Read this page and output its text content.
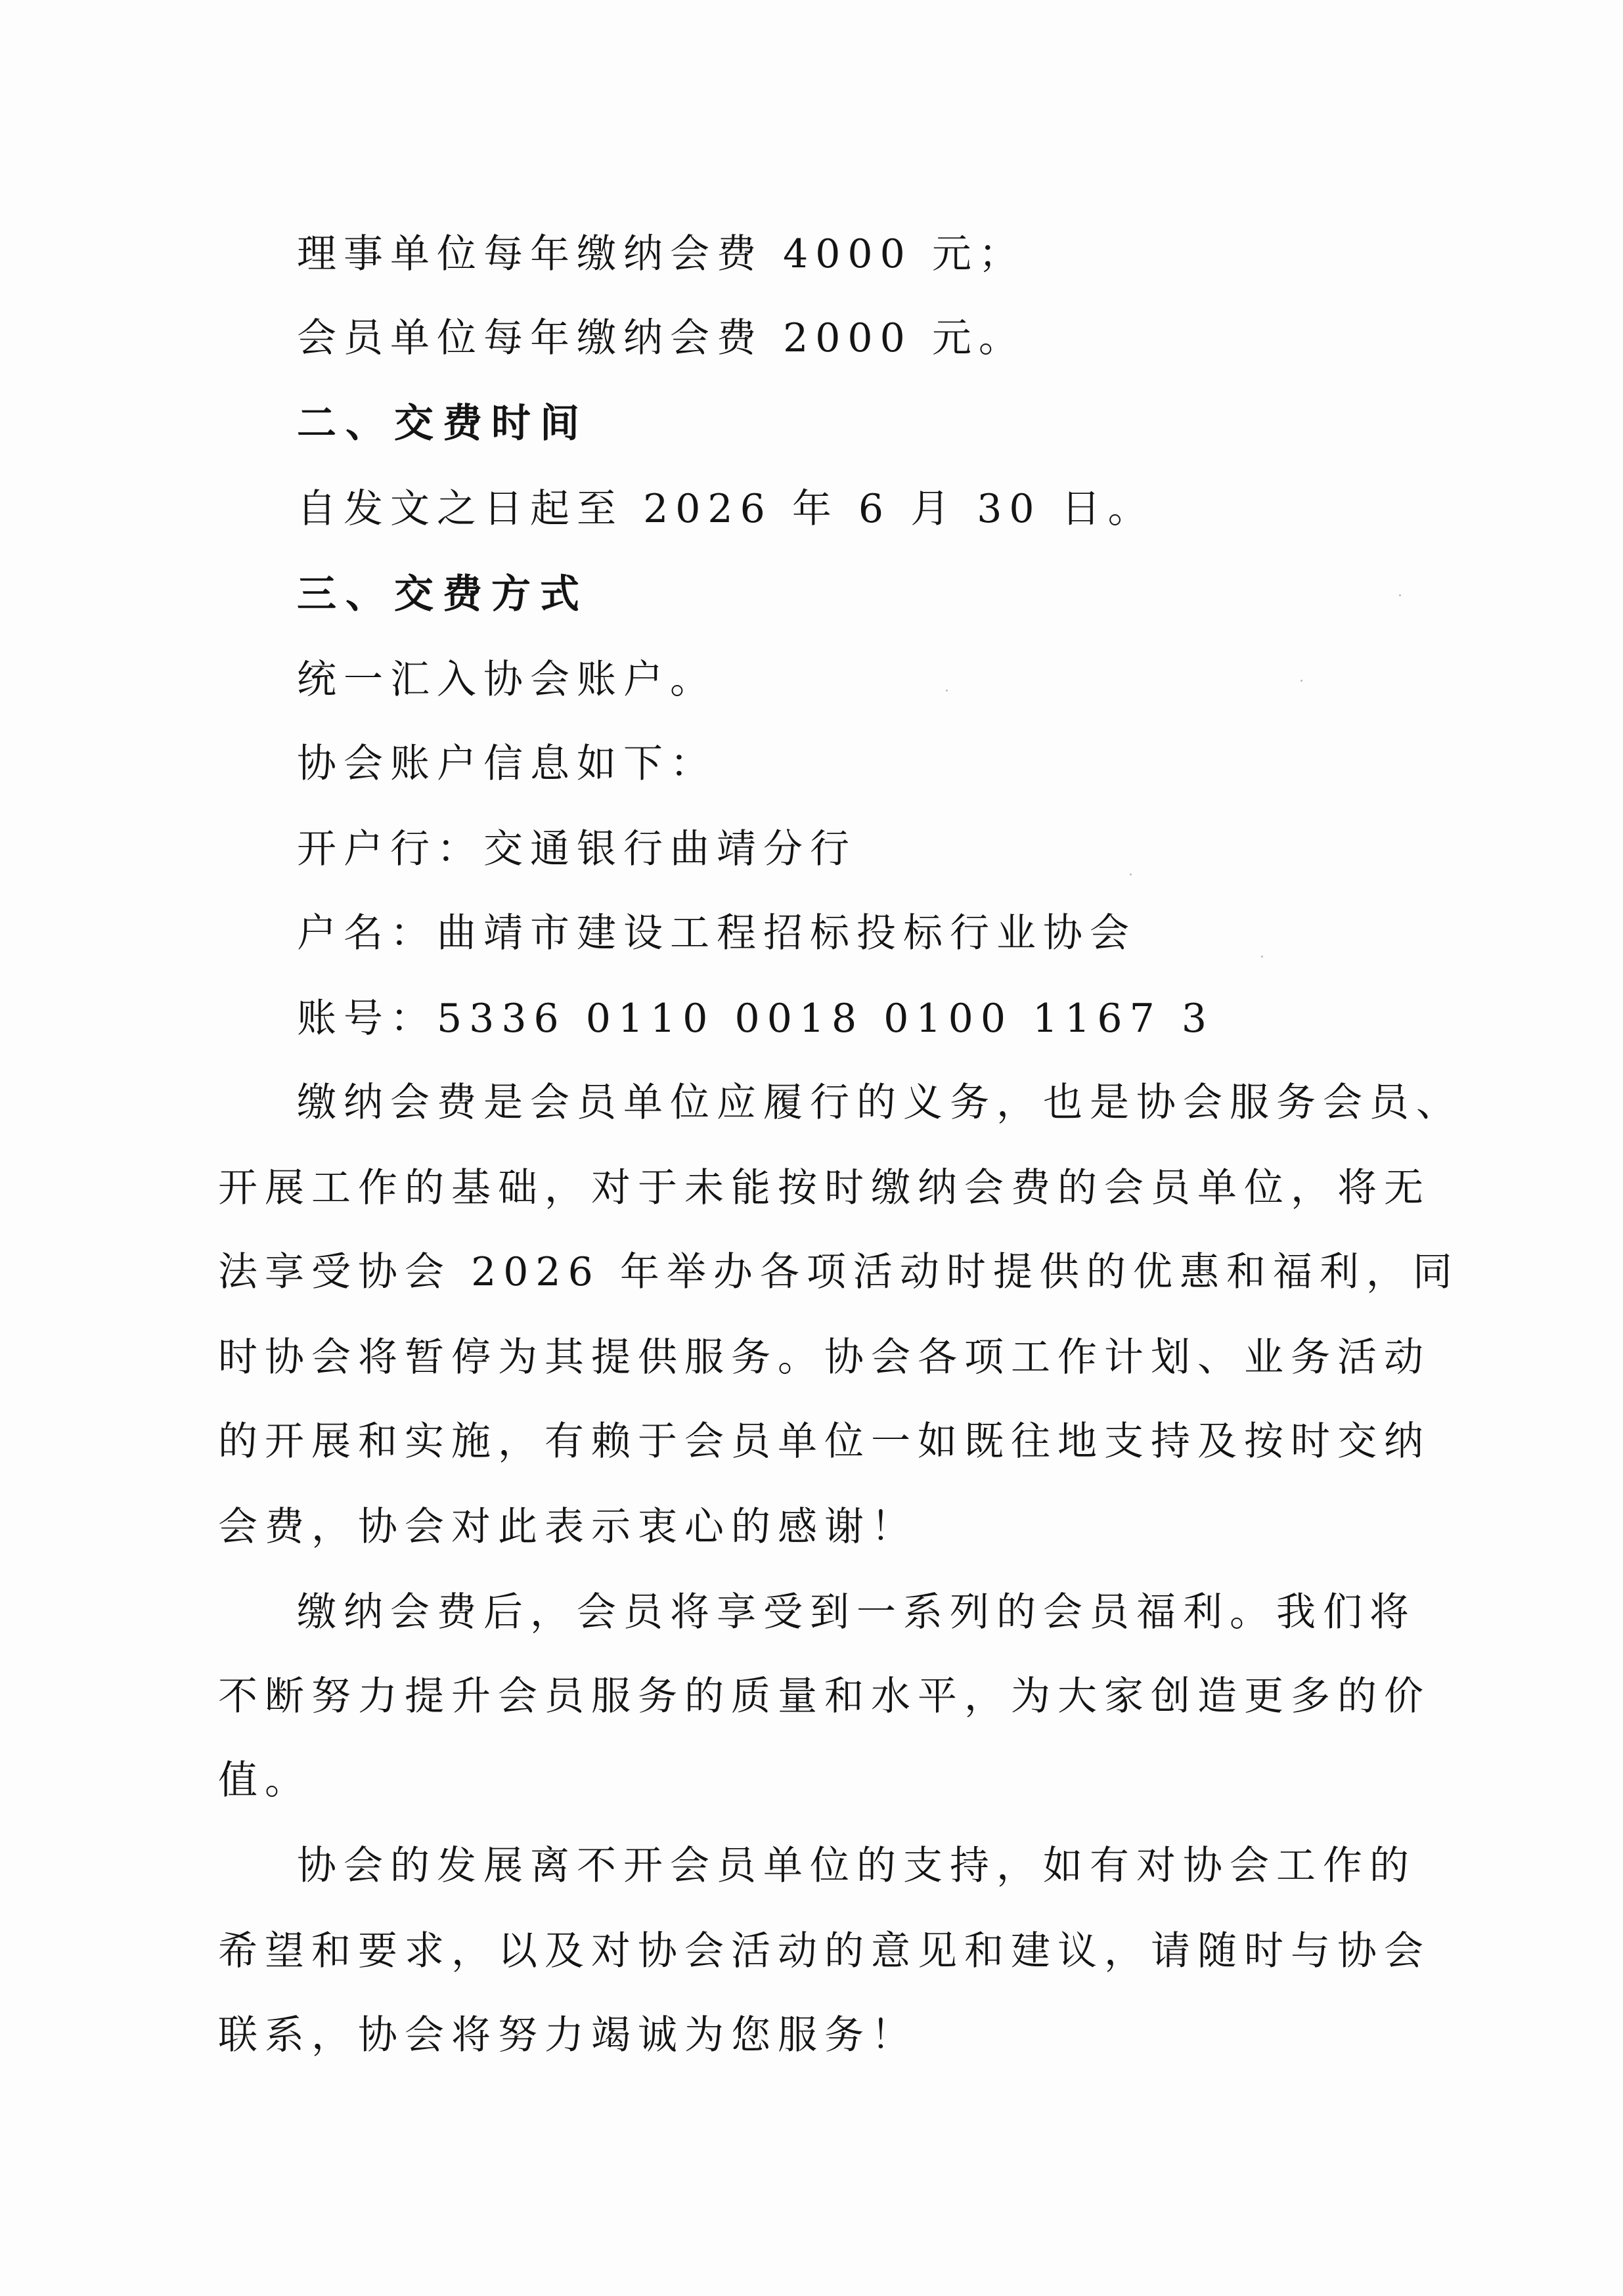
理事单位每年缴纳会费 4000 元；
会员单位每年缴纳会费 2000 元。
二、交费时间
自发文之日起至 2026 年 6 月 30 日。
三、交费方式
统一汇入协会账户。
协会账户信息如下：
开户行：交通银行曲靖分行
户名：曲靖市建设工程招标投标行业协会
账号：5336 0110 0018 0100 1167 3
缴纳会费是会员单位应履行的义务，也是协会服务会员、
开展工作的基础，对于未能按时缴纳会费的会员单位，将无
法享受协会 2026 年举办各项活动时提供的优惠和福利，同
时协会将暂停为其提供服务。协会各项工作计划、业务活动
的开展和实施，有赖于会员单位一如既往地支持及按时交纳
会费，协会对此表示衷心的感谢！
缴纳会费后，会员将享受到一系列的会员福利。我们将
不断努力提升会员服务的质量和水平，为大家创造更多的价
值。
协会的发展离不开会员单位的支持，如有对协会工作的
希望和要求，以及对协会活动的意见和建议，请随时与协会
联系，协会将努力竭诚为您服务！
